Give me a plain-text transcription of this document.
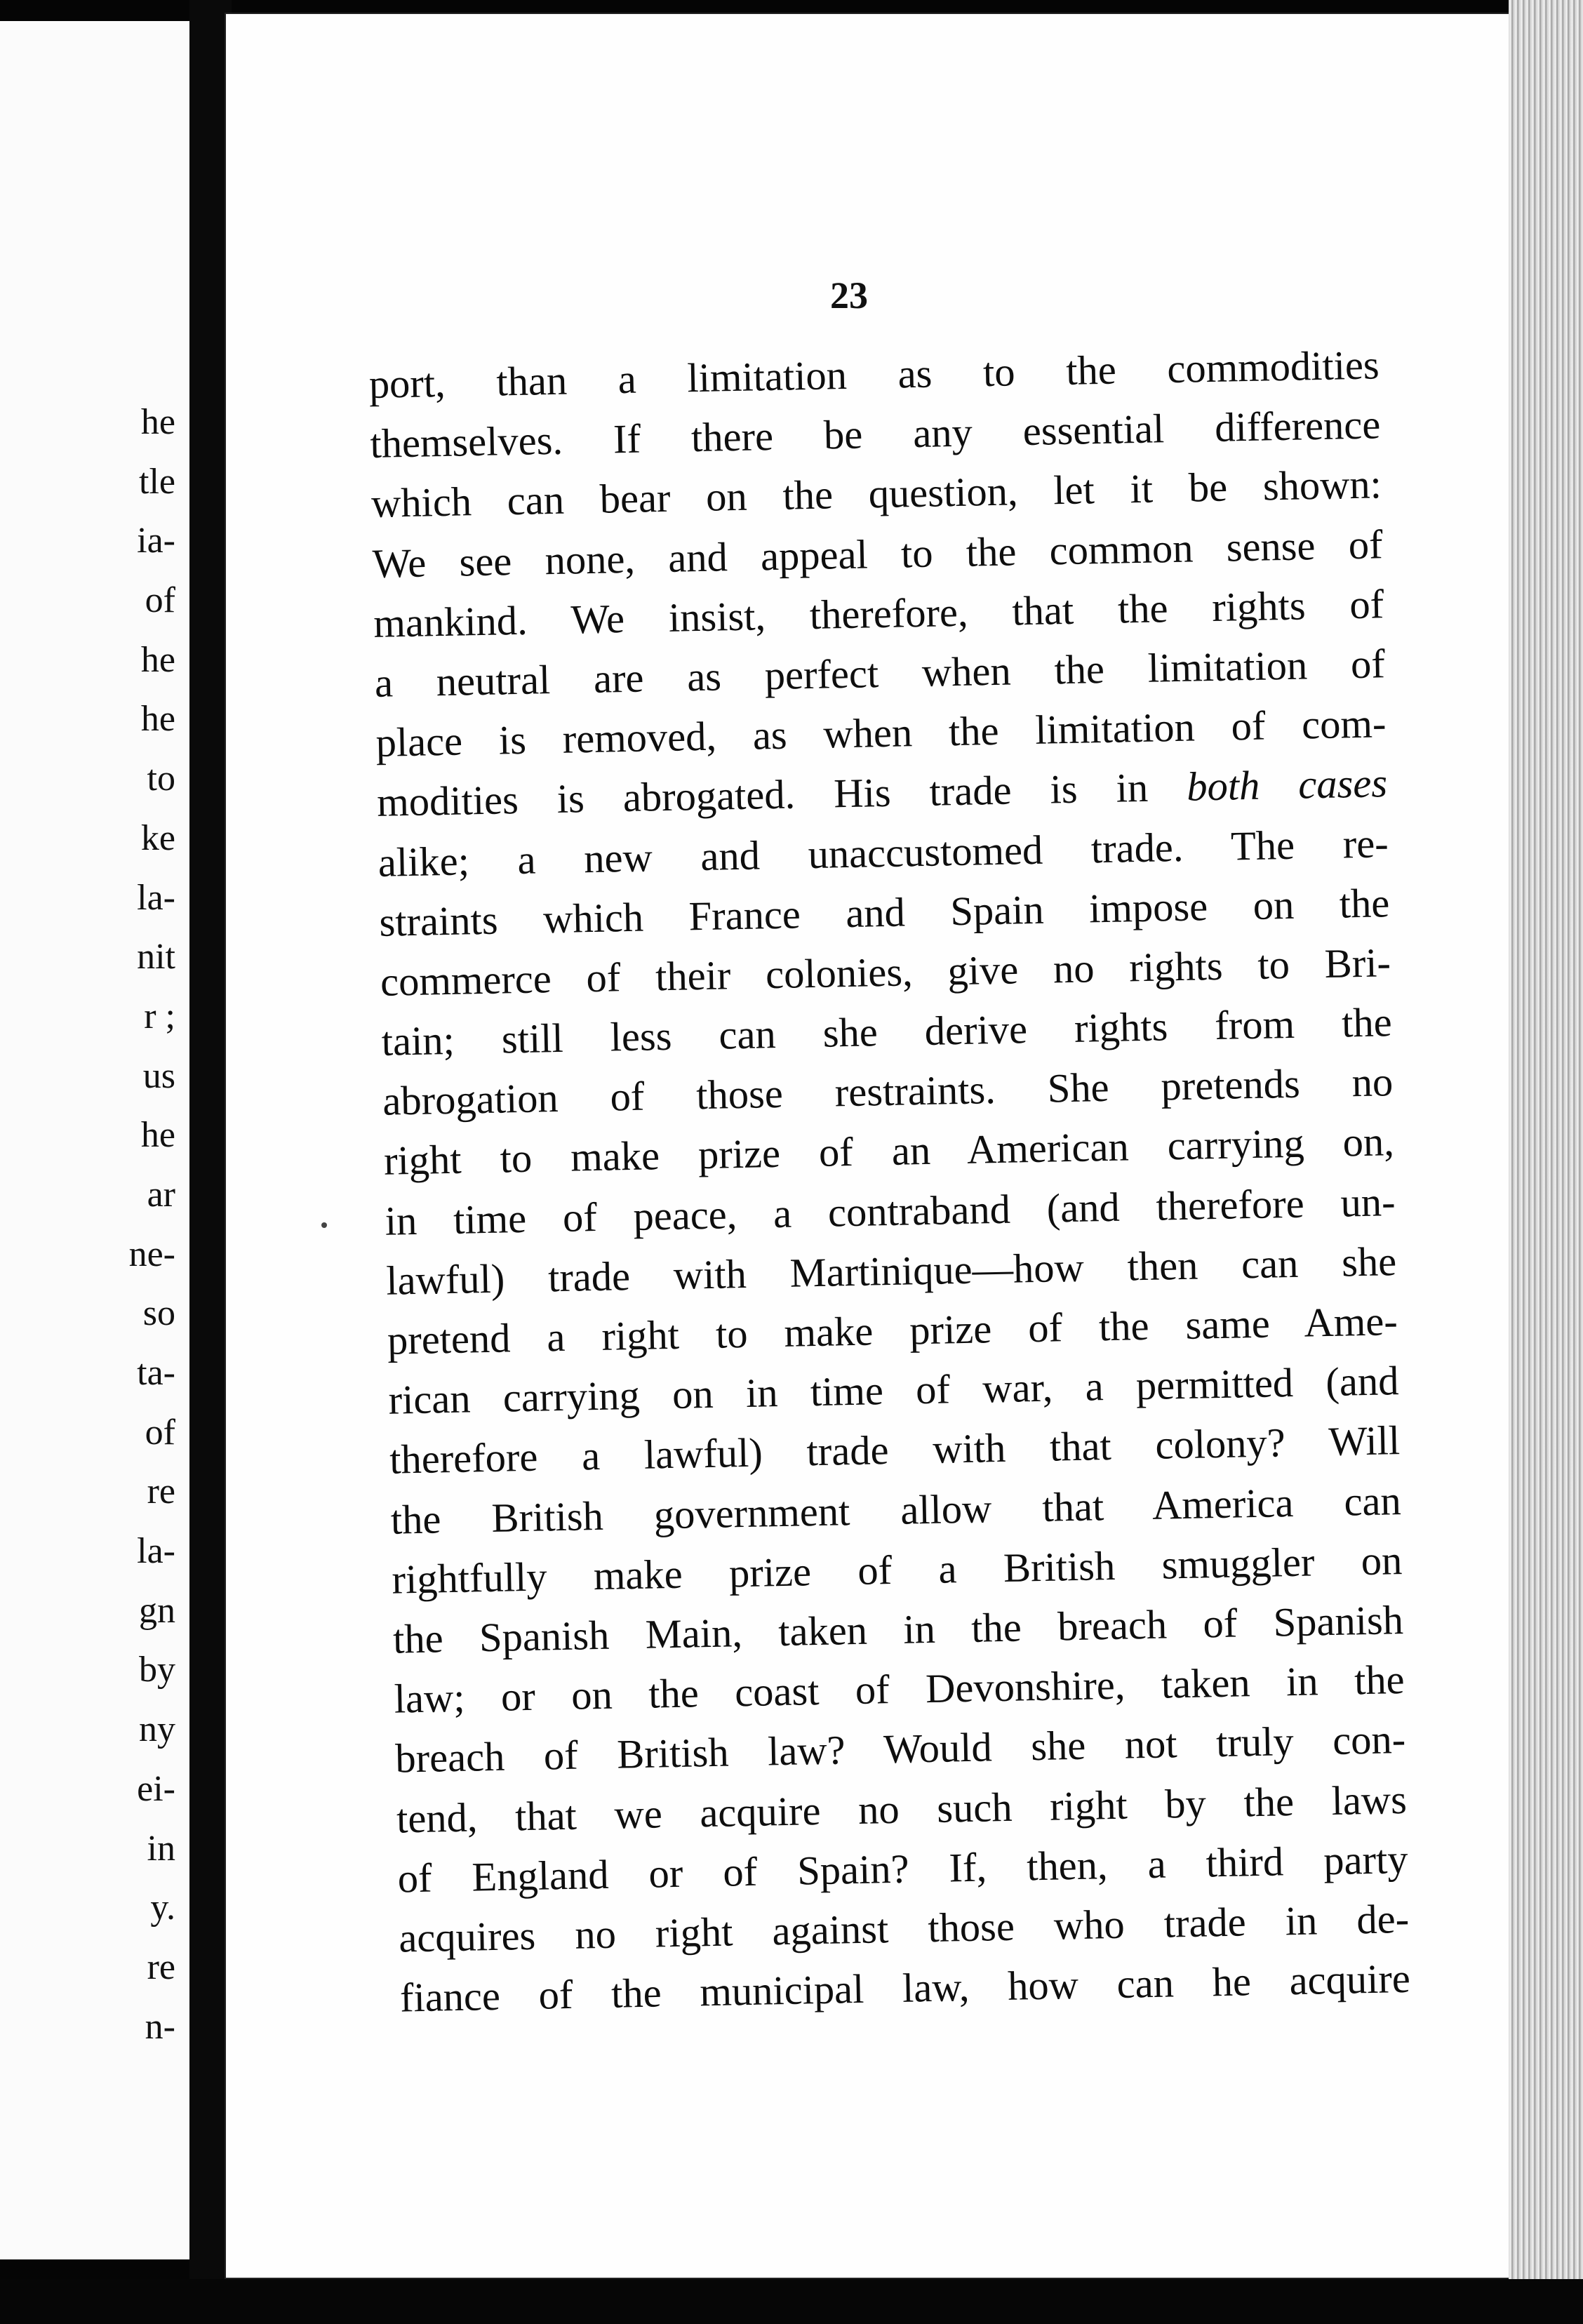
he
tle
ia-
of
he
he
to
ke
la-
nit
r ;
us
he
ar
ne-
so
ta-
of
re
la-
gn
by
ny
ei-
in
y.
re
n-
23
port, than a limitation as to the commodities
themselves. If there be any essential difference
which can bear on the question, let it be shown:
We see none, and appeal to the common sense of
mankind. We insist, therefore, that the rights of
a neutral are as perfect when the limitation of
place is removed, as when the limitation of com-
modities is abrogated. His trade is in both cases
alike; a new and unaccustomed trade. The re-
straints which France and Spain impose on the
commerce of their colonies, give no rights to Bri-
tain; still less can she derive rights from the
abrogation of those restraints. She pretends no
right to make prize of an American carrying on,
in time of peace, a contraband (and therefore un-
lawful) trade with Martinique—how then can she
pretend a right to make prize of the same Ame-
rican carrying on in time of war, a permitted (and
therefore a lawful) trade with that colony? Will
the British government allow that America can
rightfully make prize of a British smuggler on
the Spanish Main, taken in the breach of Spanish
law; or on the coast of Devonshire, taken in the
breach of British law? Would she not truly con-
tend, that we acquire no such right by the laws
of England or of Spain? If, then, a third party
acquires no right against those who trade in de-
fiance of the municipal law, how can he acquire
